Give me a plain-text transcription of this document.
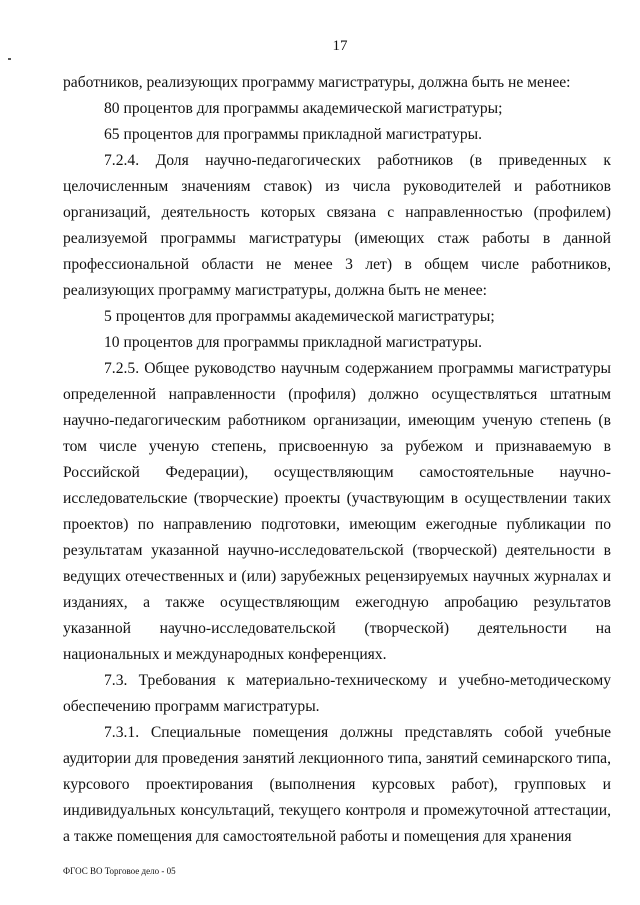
17

работников, реализующих программу магистратуры, должна быть не менее:

80 процентов для программы академической магистратуры;

65 процентов для программы прикладной магистратуры.

7.2.4. Доля научно-педагогических работников (в приведенных к целочисленным значениям ставок) из числа руководителей и работников организаций, деятельность которых связана с направленностью (профилем) реализуемой программы магистратуры (имеющих стаж работы в данной профессиональной области не менее 3 лет) в общем числе работников, реализующих программу магистратуры, должна быть не менее:

5 процентов для программы академической магистратуры;

10 процентов для программы прикладной магистратуры.

7.2.5. Общее руководство научным содержанием программы магистратуры определенной направленности (профиля) должно осуществляться штатным научно-педагогическим работником организации, имеющим ученую степень (в том числе ученую степень, присвоенную за рубежом и признаваемую в Российской Федерации), осуществляющим самостоятельные научно-исследовательские (творческие) проекты (участвующим в осуществлении таких проектов) по направлению подготовки, имеющим ежегодные публикации по результатам указанной научно-исследовательской (творческой) деятельности в ведущих отечественных и (или) зарубежных рецензируемых научных журналах и изданиях, а также осуществляющим ежегодную апробацию результатов указанной научно-исследовательской (творческой) деятельности на национальных и международных конференциях.

7.3. Требования к материально-техническому и учебно-методическому обеспечению программ магистратуры.

7.3.1. Специальные помещения должны представлять собой учебные аудитории для проведения занятий лекционного типа, занятий семинарского типа, курсового проектирования (выполнения курсовых работ), групповых и индивидуальных консультаций, текущего контроля и промежуточной аттестации, а также помещения для самостоятельной работы и помещения для хранения

ФГОС ВО Торговое дело - 05
